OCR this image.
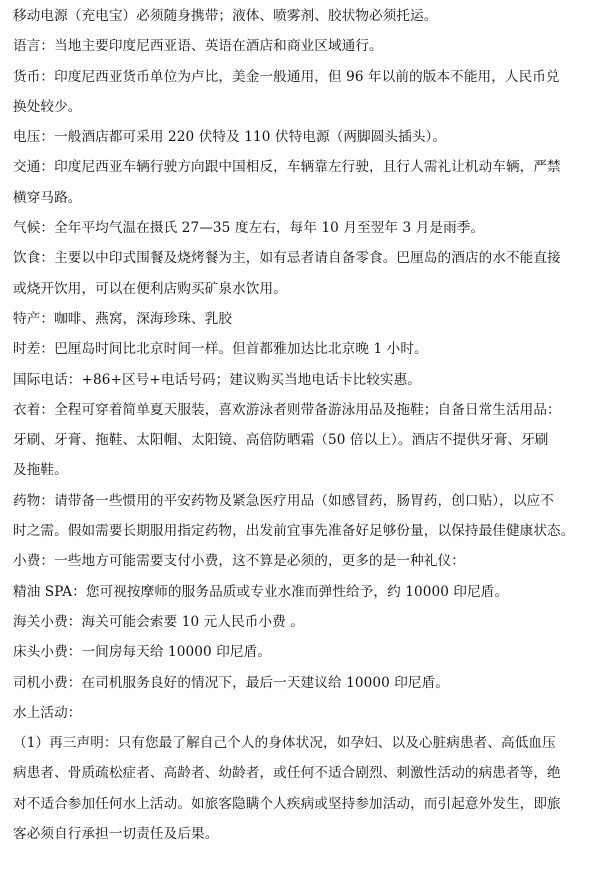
移动电源（充电宝）必须随身携带；液体、喷雾剂、胶状物必须托运。
语言：当地主要印度尼西亚语、英语在酒店和商业区域通行。
货币：印度尼西亚货币单位为卢比，美金一般通用，但 96 年以前的版本不能用，人民币兑
换处较少。
电压：一般酒店都可采用 220 伏特及 110 伏特电源（两脚圆头插头）。
交通：印度尼西亚车辆行驶方向跟中国相反，车辆靠左行驶，且行人需礼让机动车辆，严禁
横穿马路。
气候：全年平均气温在摄氏 27—35 度左右，每年 10 月至翌年 3 月是雨季。
饮食：主要以中印式围餐及烧烤餐为主，如有忌者请自备零食。巴厘岛的酒店的水不能直接
或烧开饮用，可以在便利店购买矿泉水饮用。
特产：咖啡、燕窝，深海珍珠、乳胶
时差：巴厘岛时间比北京时间一样。但首都雅加达比北京晚 1 小时。
国际电话：+86+区号+电话号码；建议购买当地电话卡比较实惠。
衣着：全程可穿着简单夏天服装，喜欢游泳者则带备游泳用品及拖鞋；自备日常生活用品：
牙刷、牙膏、拖鞋、太阳帽、太阳镜、高倍防晒霜（50 倍以上）。酒店不提供牙膏、牙刷
及拖鞋。
药物：请带备一些惯用的平安药物及紧急医疗用品（如感冒药，肠胃药，创口贴），以应不
时之需。假如需要长期服用指定药物，出发前宜事先准备好足够份量，以保持最佳健康状态。
小费：一些地方可能需要支付小费，这不算是必须的，更多的是一种礼仪：
精油 SPA：您可视按摩师的服务品质或专业水准而弹性给予，约 10000 印尼盾。
海关小费：海关可能会索要 10 元人民币小费 。
床头小费：一间房每天给 10000 印尼盾。
司机小费：在司机服务良好的情况下，最后一天建议给 10000 印尼盾。
水上活动：
（1）再三声明：只有您最了解自己个人的身体状况，如孕妇、以及心脏病患者、高低血压
病患者、骨质疏松症者、高龄者、幼龄者，或任何不适合剧烈、刺激性活动的病患者等，绝
对不适合参加任何水上活动。如旅客隐瞒个人疾病或坚持参加活动，而引起意外发生，即旅
客必须自行承担一切责任及后果。
